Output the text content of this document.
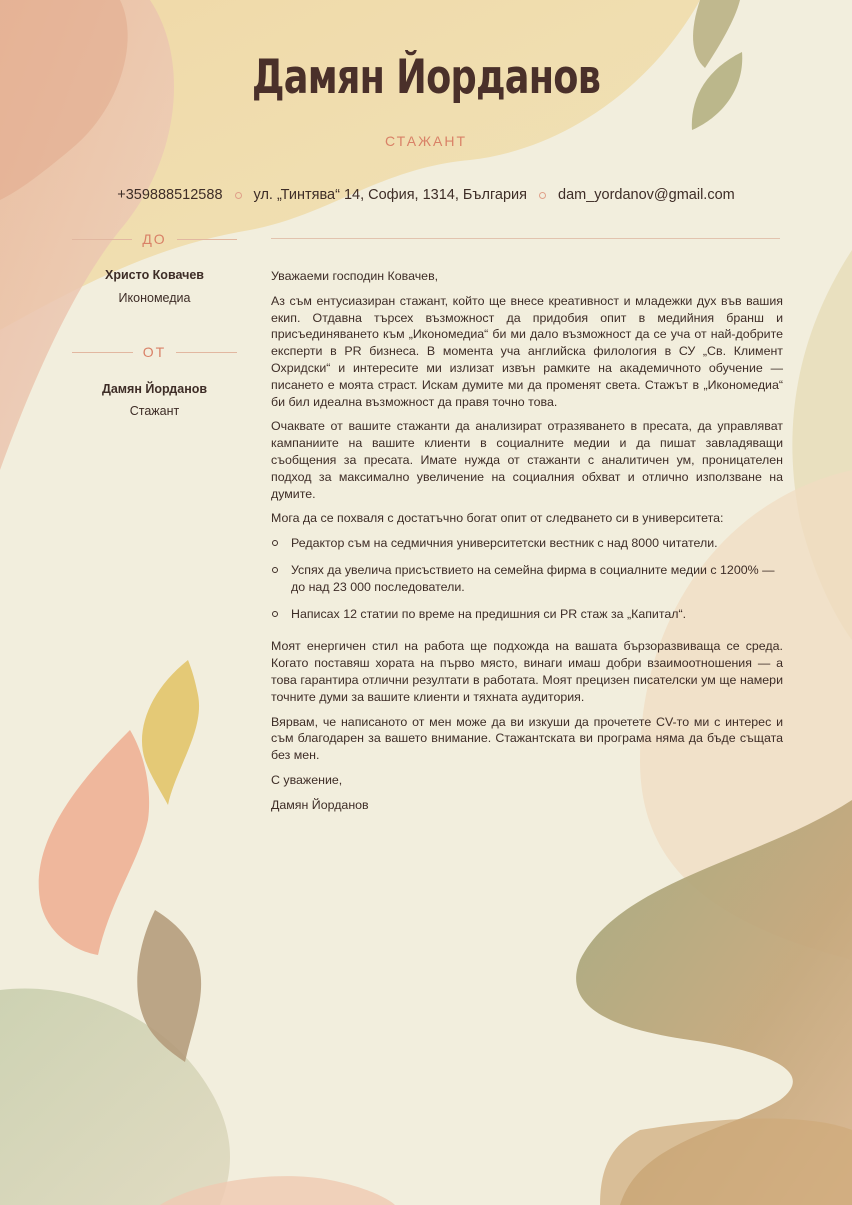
Дамян Йорданов
СТАЖАНТ
+359888512588 ул. „Тинтява“ 14, София, 1314, България dam_yordanov@gmail.com
ДО
Христо Ковачев
Икономедиа
ОТ
Дамян Йорданов
Стажант

Уважаеми господин Ковачев,

Аз съм ентусиазиран стажант, който ще внесе креативност и младежки дух във вашия екип. Отдавна търсех възможност да придобия опит в медийния бранш и присъединяването към „Икономедиа“ би ми дало възможност да се уча от най-добрите експерти в PR бизнеса. В момента уча английска филология в СУ „Св. Климент Охридски“ и интересите ми излизат извън рамките на академичното обучение — писането е моята страст. Искам думите ми да променят света. Стажът в „Икономедиа“ би бил идеална възможност да правя точно това.

Очаквате от вашите стажанти да анализират отразяването в пресата, да управляват кампаниите на вашите клиенти в социалните медии и да пишат завладяващи съобщения за пресата. Имате нужда от стажанти с аналитичен ум, проницателен подход за максимално увеличение на социалния обхват и отлично използване на думите.

Мога да се похваля с достатъчно богат опит от следването си в университета:

Редактор съм на седмичния университетски вестник с над 8000 читатели.
Успях да увелича присъствието на семейна фирма в социалните медии с 1200% — до над 23 000 последователи.
Написах 12 статии по време на предишния си PR стаж за „Капитал“.

Моят енергичен стил на работа ще подхожда на вашата бързоразвиваща се среда. Когато поставяш хората на първо място, винаги имаш добри взаимоотношения — а това гарантира отлични резултати в работата. Моят прецизен писателски ум ще намери точните думи за вашите клиенти и тяхната аудитория.

Вярвам, че написаното от мен може да ви изкуши да прочетете CV-то ми с интерес и съм благодарен за вашето внимание. Стажантската ви програма няма да бъде същата без мен.

С уважение,

Дамян Йорданов
